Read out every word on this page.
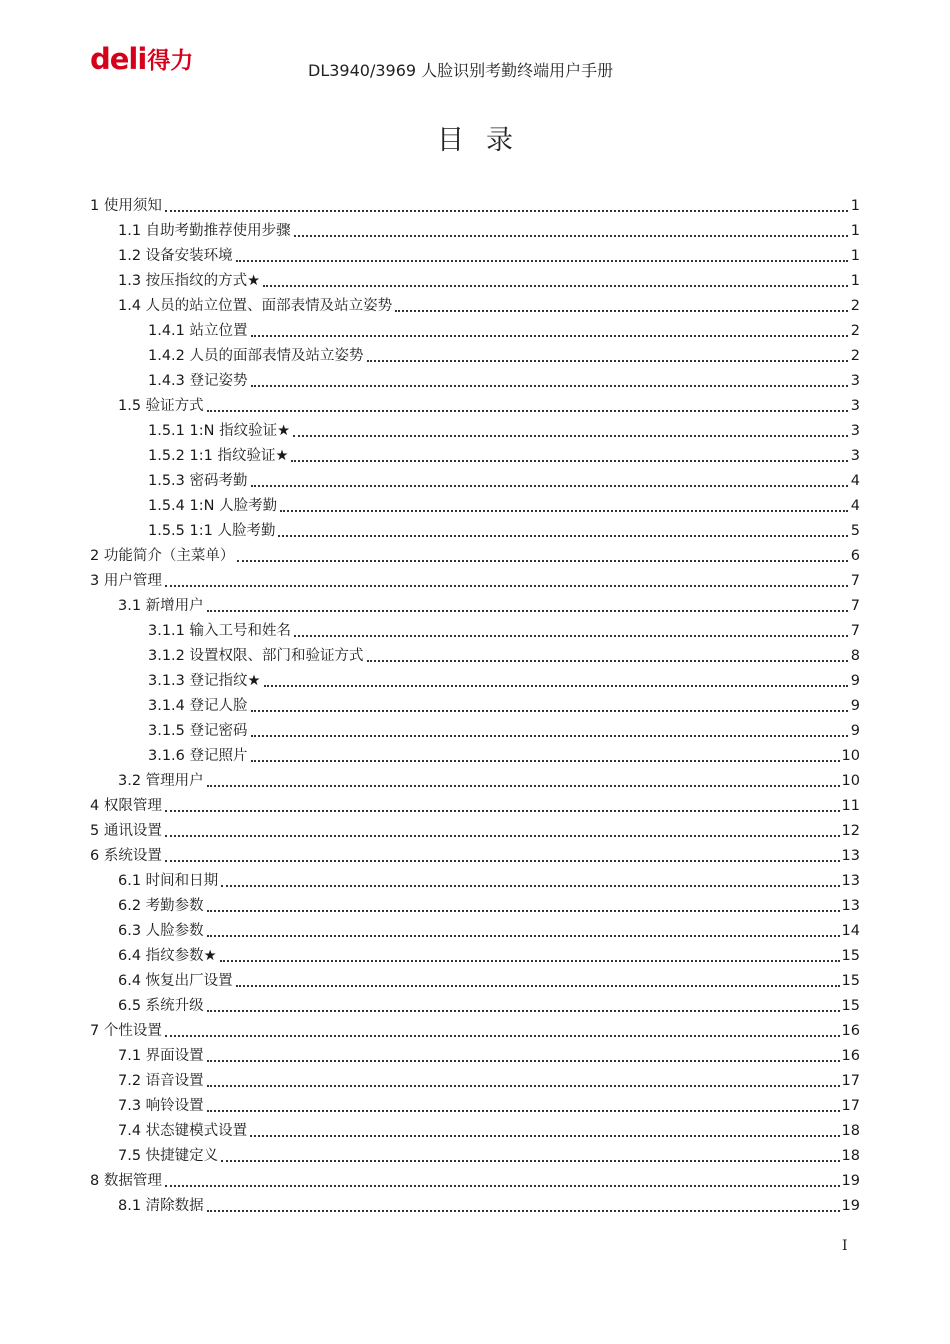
deli 得力	DL3940/3969 人脸识别考勤终端用户手册
目录
1 使用须知	1
1.1 自助考勤推荐使用步骤	1
1.2 设备安装环境	1
1.3 按压指纹的方式★	1
1.4 人员的站立位置、面部表情及站立姿势	2
1.4.1 站立位置	2
1.4.2 人员的面部表情及站立姿势	2
1.4.3 登记姿势	3
1.5 验证方式	3
1.5.1 1:N 指纹验证★	3
1.5.2 1:1 指纹验证★	3
1.5.3 密码考勤	4
1.5.4 1:N 人脸考勤	4
1.5.5 1:1 人脸考勤	5
2 功能简介（主菜单）	6
3 用户管理	7
3.1 新增用户	7
3.1.1 输入工号和姓名	7
3.1.2 设置权限、部门和验证方式	8
3.1.3 登记指纹★	9
3.1.4 登记人脸	9
3.1.5 登记密码	9
3.1.6 登记照片	10
3.2 管理用户	10
4 权限管理	11
5 通讯设置	12
6 系统设置	13
6.1 时间和日期	13
6.2 考勤参数	13
6.3 人脸参数	14
6.4 指纹参数★	15
6.4 恢复出厂设置	15
6.5 系统升级	15
7 个性设置	16
7.1 界面设置	16
7.2 语音设置	17
7.3 响铃设置	17
7.4 状态键模式设置	18
7.5 快捷键定义	18
8 数据管理	19
8.1 清除数据	19
I
